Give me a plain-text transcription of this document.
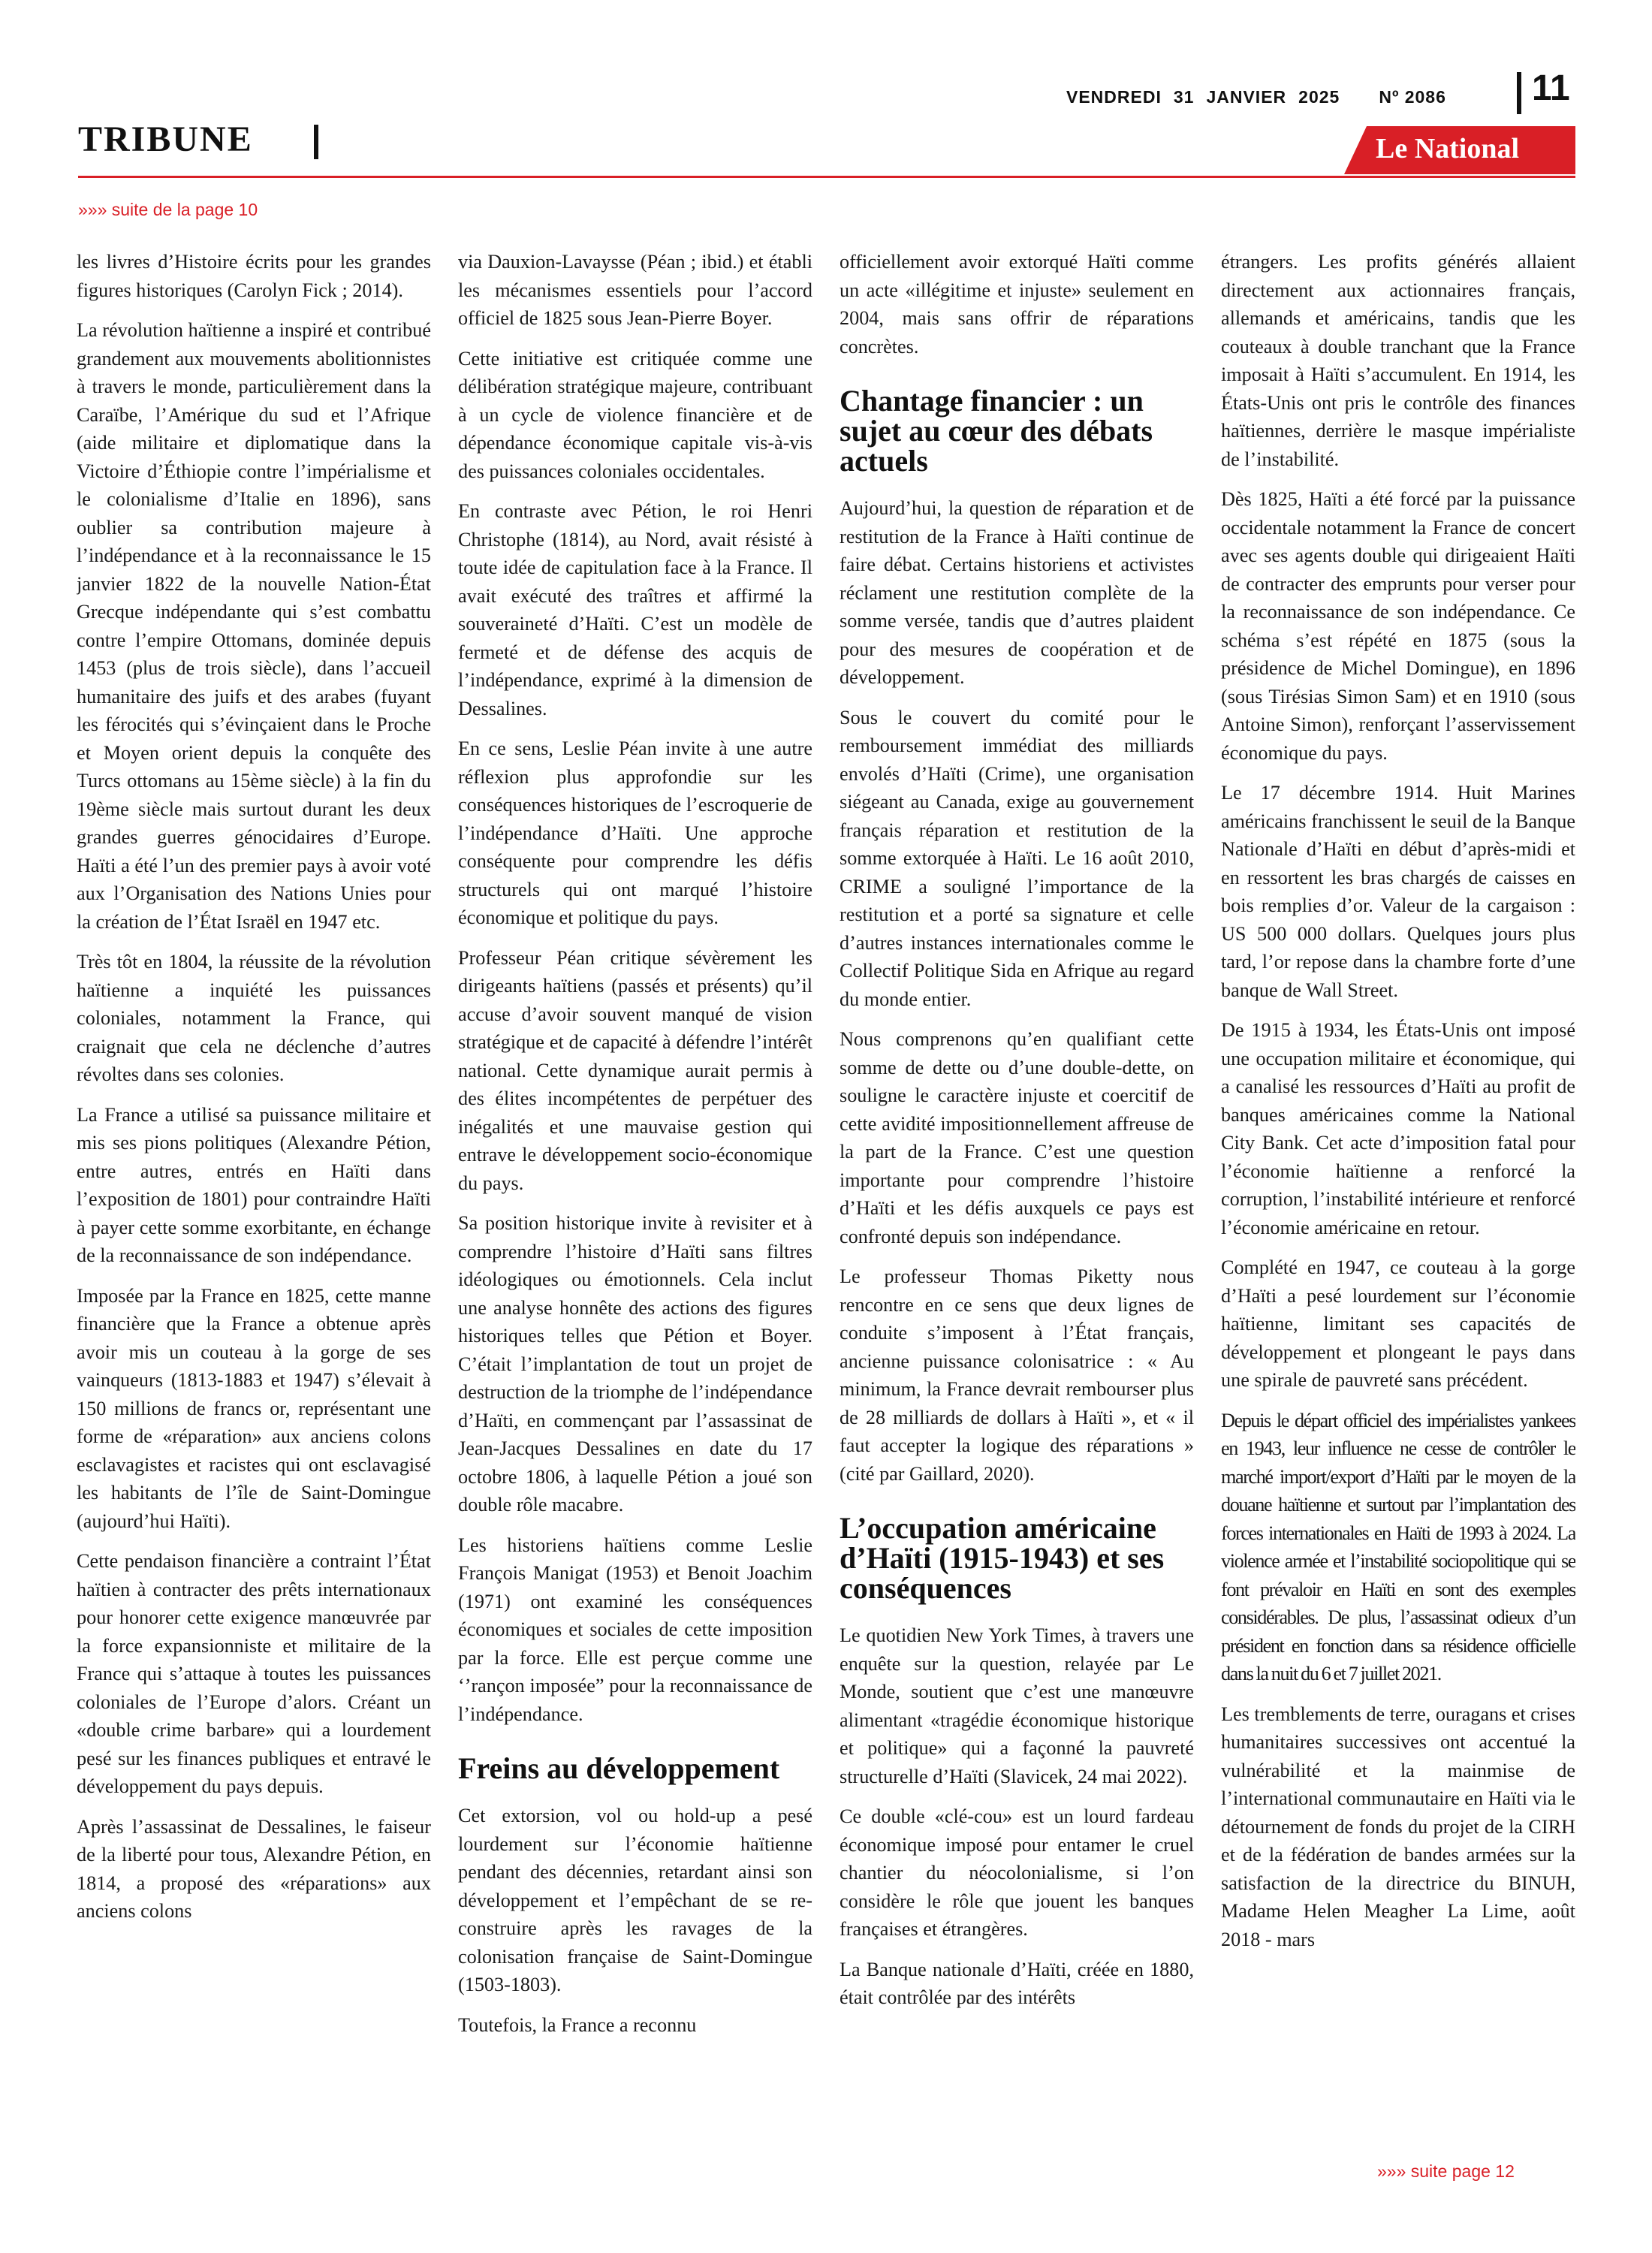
TRIBUNE
VENDREDI 31 JANVIER 2025 Nº 2086	11
Le National
»»» suite de la page 10

les livres d’Histoire écrits pour les grandes figures historiques (Carolyn Fick ; 2014).

La révolution haïtienne a inspiré et contribué grandement aux mouvements abolitionnistes à travers le monde, particulièrement dans la Caraïbe, l’Amérique du sud et l’Afrique (aide militaire et diplomatique dans la Victoire d’Éthiopie contre l’impérialisme et le colonialisme d’Italie en 1896), sans oublier sa contribution majeure à l’indépendance et à la reconnaissance le 15 janvier 1822 de la nouvelle Nation-État Grecque indépendante qui s’est combattu contre l’empire Ottomans, dominée depuis 1453 (plus de trois siècle), dans l’accueil humanitaire des juifs et des arabes (fuyant les férocités qui s’évinçaient dans le Proche et Moyen orient depuis la conquête des Turcs ottomans au 15ème siècle) à la fin du 19ème siècle mais surtout durant les deux grandes guerres génocidaires d’Europe. Haïti a été l’un des premier pays à avoir voté aux l’Organisation des Nations Unies pour la création de l’État Israël en 1947 etc.

Très tôt en 1804, la réussite de la révolution haïtienne a inquiété les puissances coloniales, notamment la France, qui craignait que cela ne déclenche d’autres révoltes dans ses colonies.

La France a utilisé sa puissance militaire et mis ses pions politiques (Alexandre Pétion, entre autres, entrés en Haïti dans l’exposition de 1801) pour contraindre Haïti à payer cette somme exorbitante, en échange de la reconnaissance de son indépendance.

Imposée par la France en 1825, cette manne financière que la France a obtenue après avoir mis un couteau à la gorge de ses vainqueurs (1813-1883 et 1947) s’élevait à 150 millions de francs or, représentant une forme de «réparation» aux anciens colons esclavagistes et racistes qui ont esclavagisé les habitants de l’île de Saint-Domingue (aujourd’hui Haïti).

Cette pendaison financière a contraint l’État haïtien à contracter des prêts internationaux pour honorer cette exigence manœuvrée par la force expansionniste et militaire de la France qui s’attaque à toutes les puissances coloniales de l’Europe d’alors. Créant un «double crime barbare» qui a lourdement pesé sur les finances publiques et entravé le développement du pays depuis.

Après l’assassinat de Dessalines, le faiseur de la liberté pour tous, Alexandre Pétion, en 1814, a proposé des «réparations» aux anciens colons

via Dauxion-Lavaysse (Péan ; ibid.) et établi les mécanismes essentiels pour l’accord officiel de 1825 sous Jean-Pierre Boyer.

Cette initiative est critiquée comme une délibération stratégique majeure, contribuant à un cycle de violence financière et de dépendance économique capitale vis-à-vis des puissances coloniales occidentales.

En contraste avec Pétion, le roi Henri Christophe (1814), au Nord, avait résisté à toute idée de capitulation face à la France. Il avait exécuté des traîtres et affirmé la souveraineté d’Haïti. C’est un modèle de fermeté et de défense des acquis de l’indépendance, exprimé à la dimension de Dessalines.

En ce sens, Leslie Péan invite à une autre réflexion plus approfondie sur les conséquences historiques de l’escroquerie de l’indépendance d’Haïti. Une approche conséquente pour comprendre les défis structurels qui ont marqué l’histoire économique et politique du pays.

Professeur Péan critique sévèrement les dirigeants haïtiens (passés et présents) qu’il accuse d’avoir souvent manqué de vision stratégique et de capacité à défendre l’intérêt national. Cette dynamique aurait permis à des élites incompétentes de perpétuer des inégalités et une mauvaise gestion qui entrave le développement socio-économique du pays.

Sa position historique invite à revisiter et à comprendre l’histoire d’Haïti sans filtres idéologiques ou émotionnels. Cela inclut une analyse honnête des actions des figures historiques telles que Pétion et Boyer. C’était l’implantation de tout un projet de destruction de la triomphe de l’indépendance d’Haïti, en commençant par l’assassinat de Jean-Jacques Dessalines en date du 17 octobre 1806, à laquelle Pétion a joué son double rôle macabre.

Les historiens haïtiens comme Leslie François Manigat (1953) et Benoit Joachim (1971) ont examiné les conséquences économiques et sociales de cette imposition par la force. Elle est perçue comme une ‘’rançon imposée” pour la reconnaissance de l’indépendance.

Freins au développement

Cet extorsion, vol ou hold-up a pesé lourdement sur l’économie haïtienne pendant des décennies, retardant ainsi son développement et l’empêchant de se re-construire après les ravages de la colonisation française de Saint-Domingue (1503-1803).

Toutefois, la France a reconnu

officiellement avoir extorqué Haïti comme un acte «illégitime et injuste» seulement en 2004, mais sans offrir de réparations concrètes.

Chantage financier : un sujet au cœur des débats actuels

Aujourd’hui, la question de réparation et de restitution de la France à Haïti continue de faire débat. Certains historiens et activistes réclament une restitution complète de la somme versée, tandis que d’autres plaident pour des mesures de coopération et de développement.

Sous le couvert du comité pour le remboursement immédiat des milliards envolés d’Haïti (Crime), une organisation siégeant au Canada, exige au gouvernement français réparation et restitution de la somme extorquée à Haïti. Le 16 août 2010, CRIME a souligné l’importance de la restitution et a porté sa signature et celle d’autres instances internationales comme le Collectif Politique Sida en Afrique au regard du monde entier.

Nous comprenons qu’en qualifiant cette somme de dette ou d’une double-dette, on souligne le caractère injuste et coercitif de cette avidité impositionnellement affreuse de la part de la France. C’est une question importante pour comprendre l’histoire d’Haïti et les défis auxquels ce pays est confronté depuis son indépendance.

Le professeur Thomas Piketty nous rencontre en ce sens que deux lignes de conduite s’imposent à l’État français, ancienne puissance colonisatrice : « Au minimum, la France devrait rembourser plus de 28 milliards de dollars à Haïti », et « il faut accepter la logique des réparations » (cité par Gaillard, 2020).

L’occupation américaine d’Haïti (1915-1943) et ses conséquences

Le quotidien New York Times, à travers une enquête sur la question, relayée par Le Monde, soutient que c’est une manœuvre alimentant «tragédie économique historique et politique» qui a façonné la pauvreté structurelle d’Haïti (Slavicek, 24 mai 2022).

Ce double «clé-cou» est un lourd fardeau économique imposé pour entamer le cruel chantier du néocolonialisme, si l’on considère le rôle que jouent les banques françaises et étrangères.

La Banque nationale d’Haïti, créée en 1880, était contrôlée par des intérêts

étrangers. Les profits générés allaient directement aux actionnaires français, allemands et américains, tandis que les couteaux à double tranchant que la France imposait à Haïti s’accumulent. En 1914, les États-Unis ont pris le contrôle des finances haïtiennes, derrière le masque impérialiste de l’instabilité.

Dès 1825, Haïti a été forcé par la puissance occidentale notamment la France de concert avec ses agents double qui dirigeaient Haïti de contracter des emprunts pour verser pour la reconnaissance de son indépendance. Ce schéma s’est répété en 1875 (sous la présidence de Michel Domingue), en 1896 (sous Tirésias Simon Sam) et en 1910 (sous Antoine Simon), renforçant l’asservissement économique du pays.

Le 17 décembre 1914. Huit Marines américains franchissent le seuil de la Banque Nationale d’Haïti en début d’après-midi et en ressortent les bras chargés de caisses en bois remplies d’or. Valeur de la cargaison : US 500 000 dollars. Quelques jours plus tard, l’or repose dans la chambre forte d’une banque de Wall Street.

De 1915 à 1934, les États-Unis ont imposé une occupation militaire et économique, qui a canalisé les ressources d’Haïti au profit de banques américaines comme la National City Bank. Cet acte d’imposition fatal pour l’économie haïtienne a renforcé la corruption, l’instabilité intérieure et renforcé l’économie américaine en retour.

Complété en 1947, ce couteau à la gorge d’Haïti a pesé lourdement sur l’économie haïtienne, limitant ses capacités de développement et plongeant le pays dans une spirale de pauvreté sans précédent.

Depuis le départ officiel des impérialistes yankees en 1943, leur influence ne cesse de contrôler le marché import/export d’Haïti par le moyen de la douane haïtienne et surtout par l’implantation des forces internationales en Haïti de 1993 à 2024. La violence armée et l’instabilité sociopolitique qui se font prévaloir en Haïti en sont des exemples considérables. De plus, l’assassinat odieux d’un président en fonction dans sa résidence officielle dans la nuit du 6 et 7 juillet 2021.

Les tremblements de terre, ouragans et crises humanitaires successives ont accentué la vulnérabilité et la mainmise de l’international communautaire en Haïti via le détournement de fonds du projet de la CIRH et de la fédération de bandes armées sur la satisfaction de la directrice du BINUH, Madame Helen Meagher La Lime, août 2018 - mars

»»» suite page 12
